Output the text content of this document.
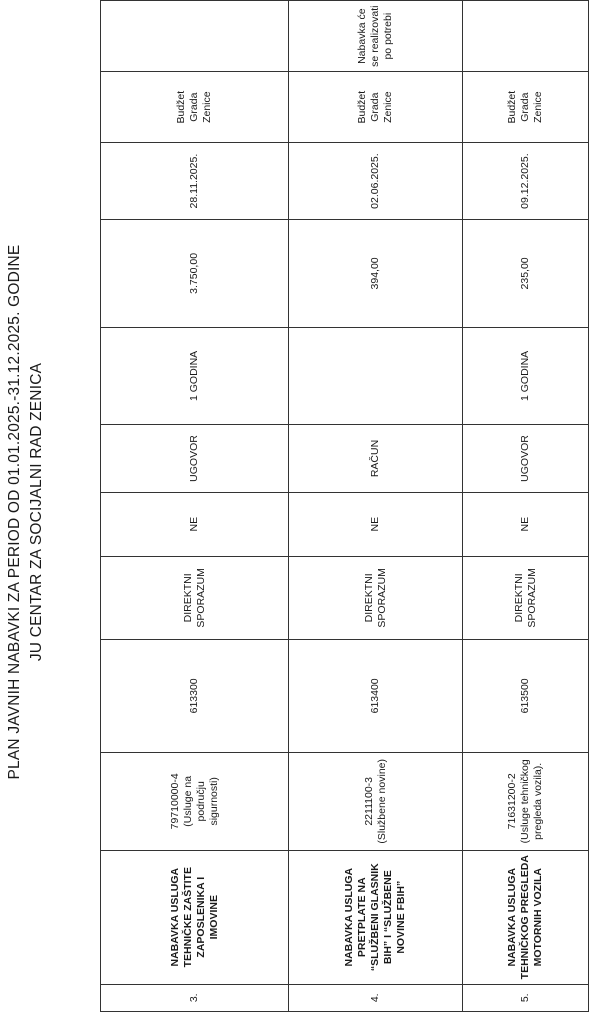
PLAN JAVNIH NABAVKI ZA PERIOD OD 01.01.2025.-31.12.2025. GODINE JU CENTAR ZA SOCIJALNI RAD ZENICA
3.	NABAVKA USLUGA TEHNIČKE ZAŠTITE ZAPOSLENIKA I IMOVINE	79710000-4 (Usluge na području sigurnosti)	613300	DIREKTNI SPORAZUM	NE	UGOVOR	1 GODINA	3.750,00	28.11.2025.	Budžet Grada Zenice	
4.	NABAVKA USLUGA PRETPLATE NA “SLUŽBENI GLASNIK BIH” I “SLUŽBENE NOVINE FBIH”	2211100-3 (Službene novine)	613400	DIREKTNI SPORAZUM	NE	RAČUN		394,00	02.06.2025.	Budžet Grada Zenice	Nabavka će se realizovati po potrebi
5.	NABAVKA USLUGA TEHNIČKOG PREGLEDA MOTORNIH VOZILA	71631200-2 (Usluge tehničkog pregleda vozila).	613500	DIREKTNI SPORAZUM	NE	UGOVOR	1 GODINA	235,00	09.12.2025.	Budžet Grada Zenice	
